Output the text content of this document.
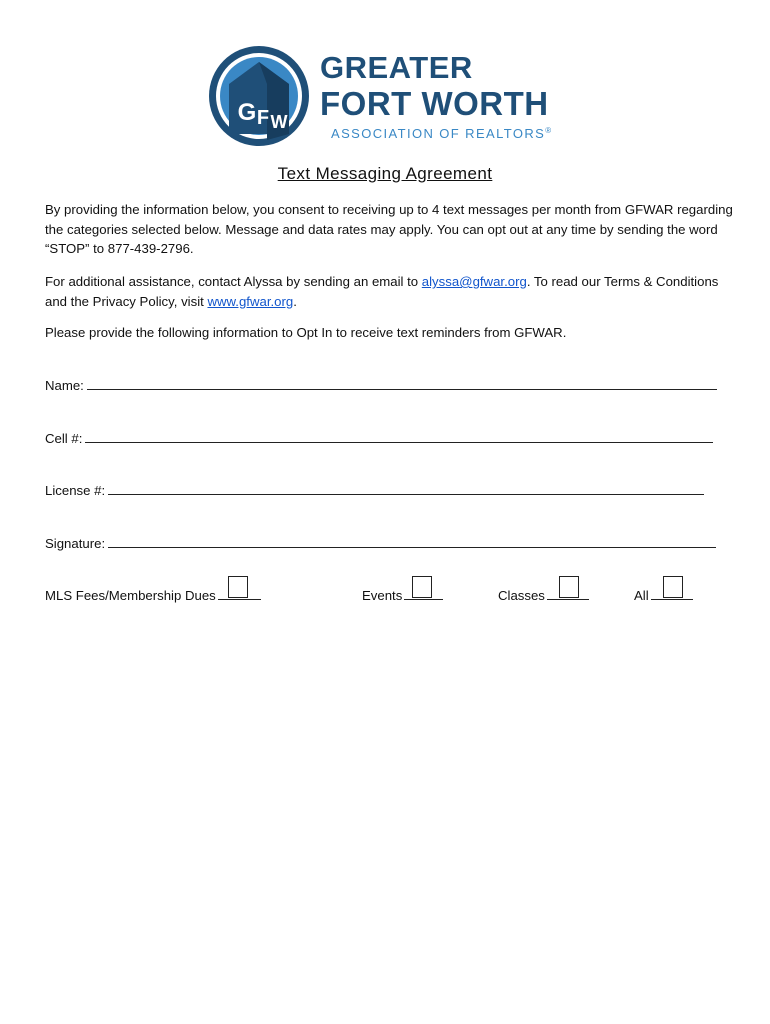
G F W
GREATER
FORT WORTH
ASSOCIATION OF REALTORS®
Text Messaging Agreement
By providing the information below, you consent to receiving up to 4 text messages per month from GFWAR regarding the categories selected below. Message and data rates may apply. You can opt out at any time by sending the word “STOP” to 877-439-2796.
For additional assistance, contact Alyssa by sending an email to alyssa@gfwar.org. To read our Terms & Conditions and the Privacy Policy, visit www.gfwar.org.
Please provide the following information to Opt In to receive text reminders from GFWAR.
Name:
Cell #:
License #:
Signature:
MLS Fees/Membership Dues	Events	Classes	All
